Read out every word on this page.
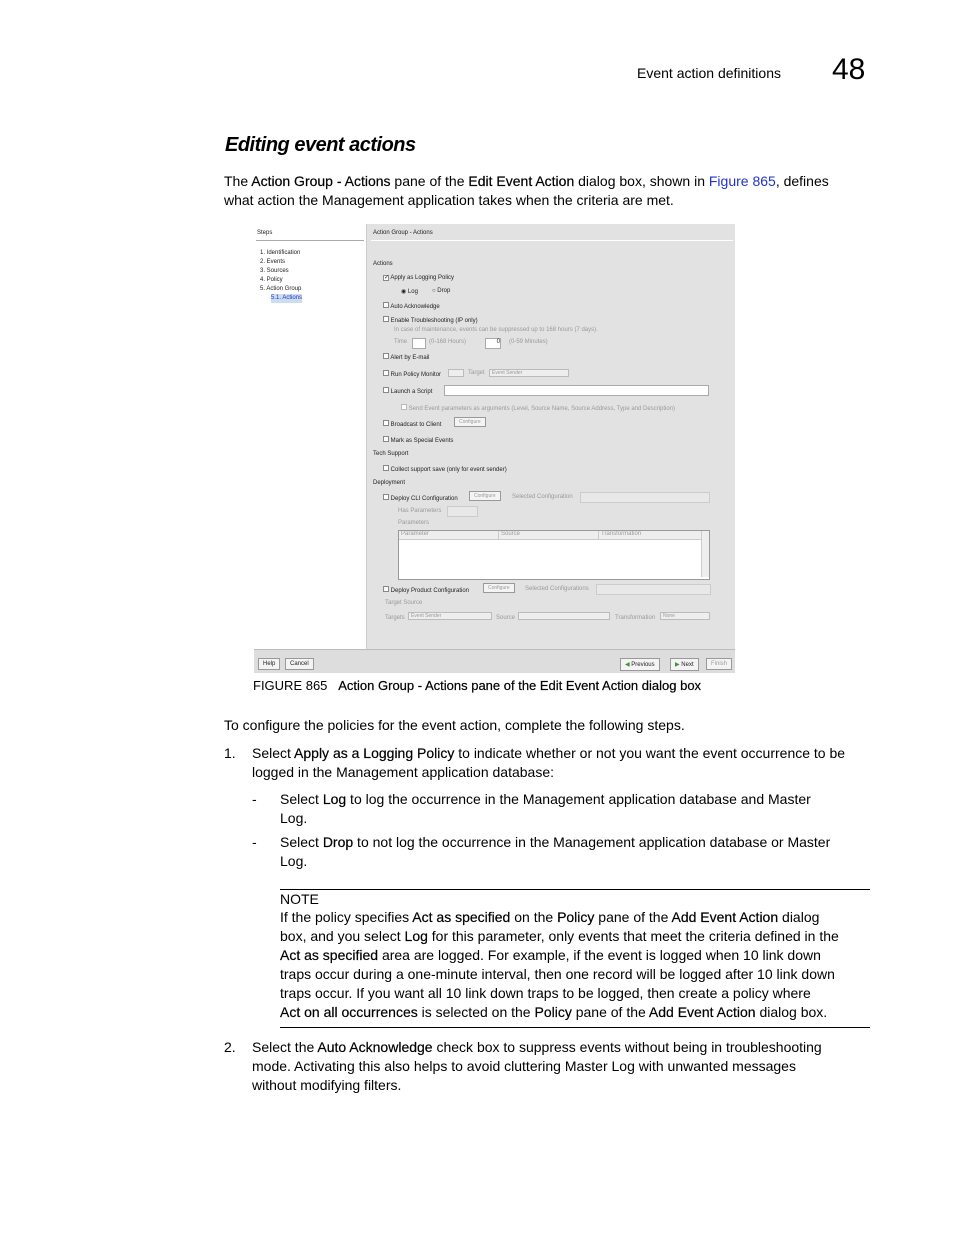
Event action definitions 48
Editing event actions
The Action Group - Actions pane of the Edit Event Action dialog box, shown in Figure 865, defines
what action the Management application takes when the criteria are met.
Steps
1. Identification
2. Events
3. Sources
4. Policy
5. Action Group
5.1. Actions
Action Group - Actions
Actions
✓ Apply as Logging Policy
◉ Log ○ Drop
Auto Acknowledge
Enable Troubleshooting (IP only)
In case of maintenance, events can be suppressed up to 168 hours (7 days).
Time	(0-168 Hours)	0 (0-59 Minutes)
Alert by E-mail
Run Policy Monitor	Target	Event Sender
Launch a Script
Send Event parameters as arguments (Level, Source Name, Source Address, Type and Description)
Broadcast to Client	Configure
Mark as Special Events
Tech Support
Collect support save (only for event sender)
Deployment
Deploy CLI Configuration	Configure	Selected Configuration
Has Parameters
Parameters
Parameter	Source	Transformation
Deploy Product Configuration	Configure	Selected Configurations
Target Source
Targets	Event Sender	Source	Transformation	None
Help	Cancel	◀ Previous	▶ Next	Finish
FIGURE 865 Action Group - Actions pane of the Edit Event Action dialog box
To configure the policies for the event action, complete the following steps.
1. Select Apply as a Logging Policy to indicate whether or not you want the event occurrence to be
logged in the Management application database:
- Select Log to log the occurrence in the Management application database and Master
Log.
- Select Drop to not log the occurrence in the Management application database or Master
Log.
NOTE
If the policy specifies Act as specified on the Policy pane of the Add Event Action dialog
box, and you select Log for this parameter, only events that meet the criteria defined in the
Act as specified area are logged. For example, if the event is logged when 10 link down
traps occur during a one-minute interval, then one record will be logged after 10 link down
traps occur. If you want all 10 link down traps to be logged, then create a policy where
Act on all occurrences is selected on the Policy pane of the Add Event Action dialog box.
2. Select the Auto Acknowledge check box to suppress events without being in troubleshooting
mode. Activating this also helps to avoid cluttering Master Log with unwanted messages
without modifying filters.
